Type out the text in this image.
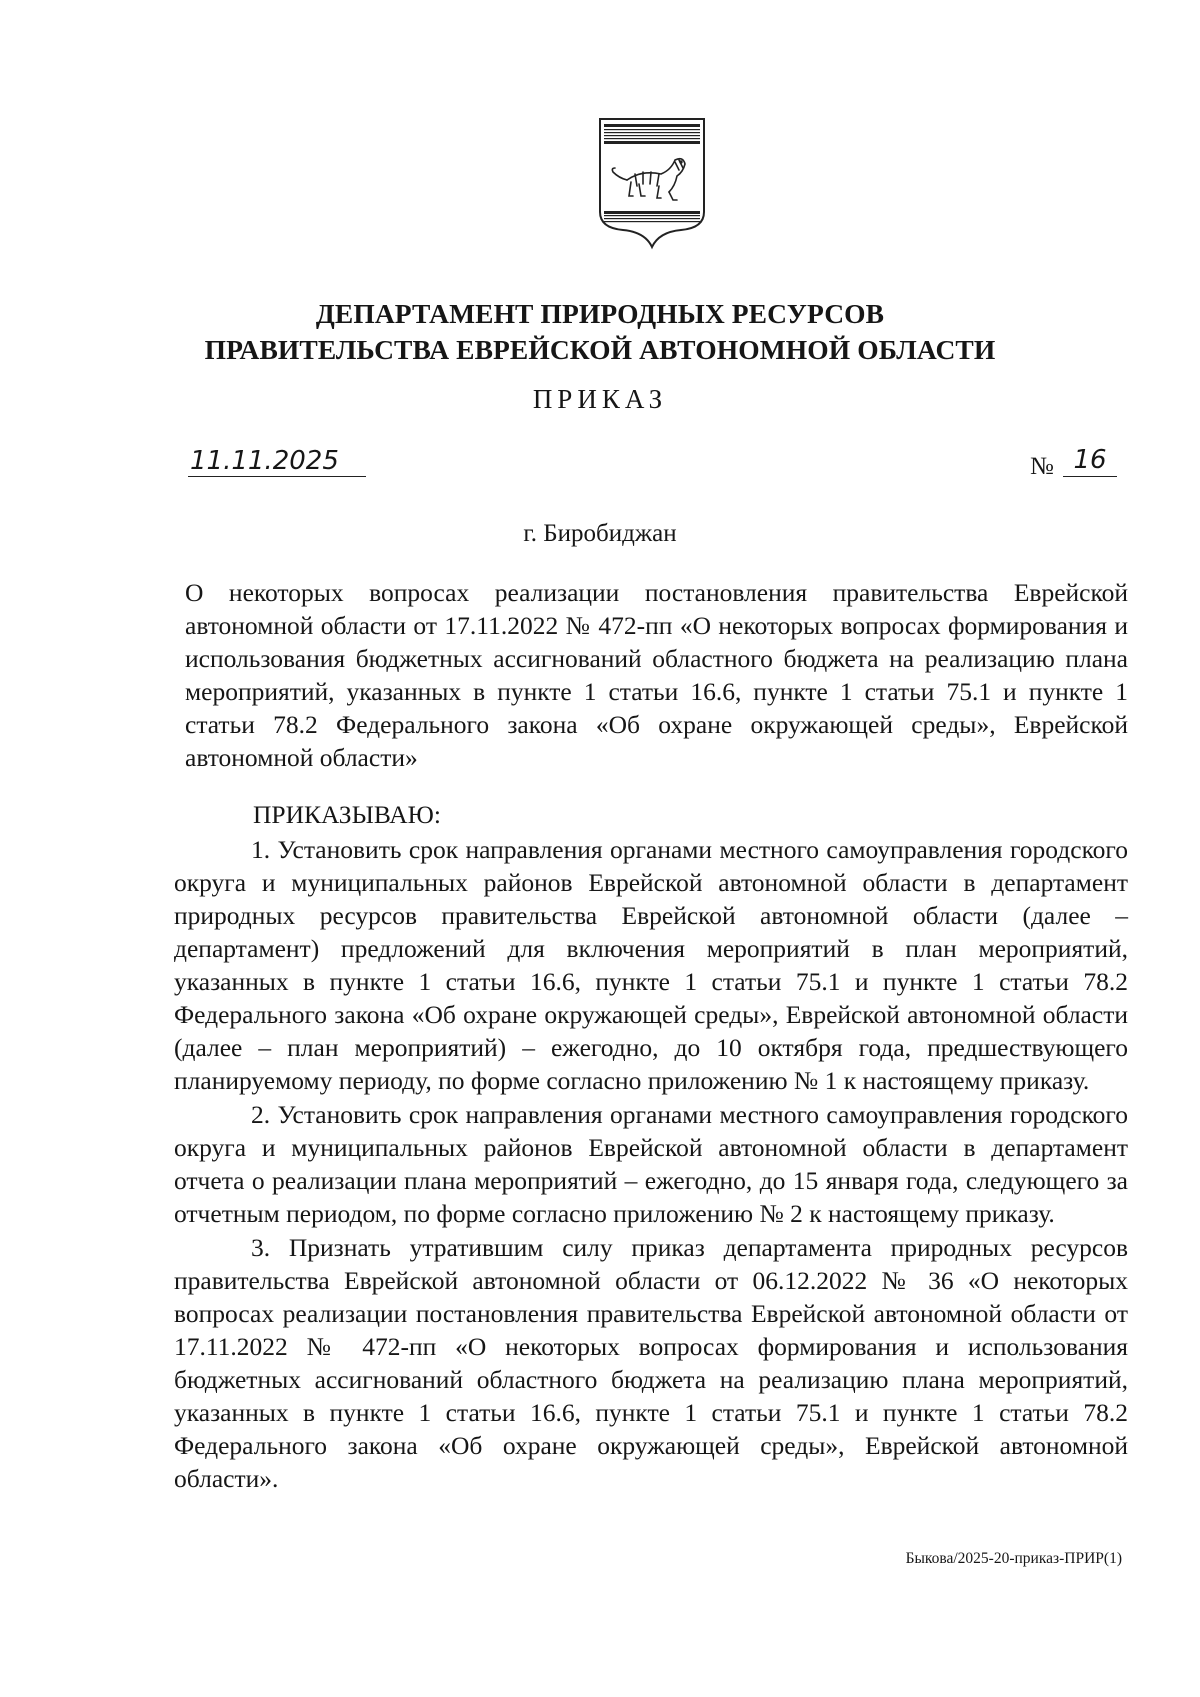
ДЕПАРТАМЕНТ ПРИРОДНЫХ РЕСУРСОВ
ПРАВИТЕЛЬСТВА ЕВРЕЙСКОЙ АВТОНОМНОЙ ОБЛАСТИ
ПРИКАЗ
11.11.2025	№ 16
г. Биробиджан
О некоторых вопросах реализации постановления правительства Еврейской автономной области от 17.11.2022 № 472-пп «О некоторых вопросах формирования и использования бюджетных ассигнований областного бюджета на реализацию плана мероприятий, указанных в пункте 1 статьи 16.6, пункте 1 статьи 75.1 и пункте 1 статьи 78.2 Федерального закона «Об охране окружающей среды», Еврейской автономной области»
ПРИКАЗЫВАЮ:

1. Установить срок направления органами местного самоуправления городского округа и муниципальных районов Еврейской автономной области в департамент природных ресурсов правительства Еврейской автономной области (далее – департамент) предложений для включения мероприятий в план мероприятий, указанных в пункте 1 статьи 16.6, пункте 1 статьи 75.1 и пункте 1 статьи 78.2 Федерального закона «Об охране окружающей среды», Еврейской автономной области (далее – план мероприятий) – ежегодно, до 10 октября года, предшествующего планируемому периоду, по форме согласно приложению № 1 к настоящему приказу.

2. Установить срок направления органами местного самоуправления городского округа и муниципальных районов Еврейской автономной области в департамент отчета о реализации плана мероприятий – ежегодно, до 15 января года, следующего за отчетным периодом, по форме согласно приложению № 2 к настоящему приказу.

3. Признать утратившим силу приказ департамента природных ресурсов правительства Еврейской автономной области от 06.12.2022 № 36 «О некоторых вопросах реализации постановления правительства Еврейской автономной области от 17.11.2022 № 472-пп «О некоторых вопросах формирования и использования бюджетных ассигнований областного бюджета на реализацию плана мероприятий, указанных в пункте 1 статьи 16.6, пункте 1 статьи 75.1 и пункте 1 статьи 78.2 Федерального закона «Об охране окружающей среды», Еврейской автономной области».

Быкова/2025-20-приказ-ПРИР(1)
